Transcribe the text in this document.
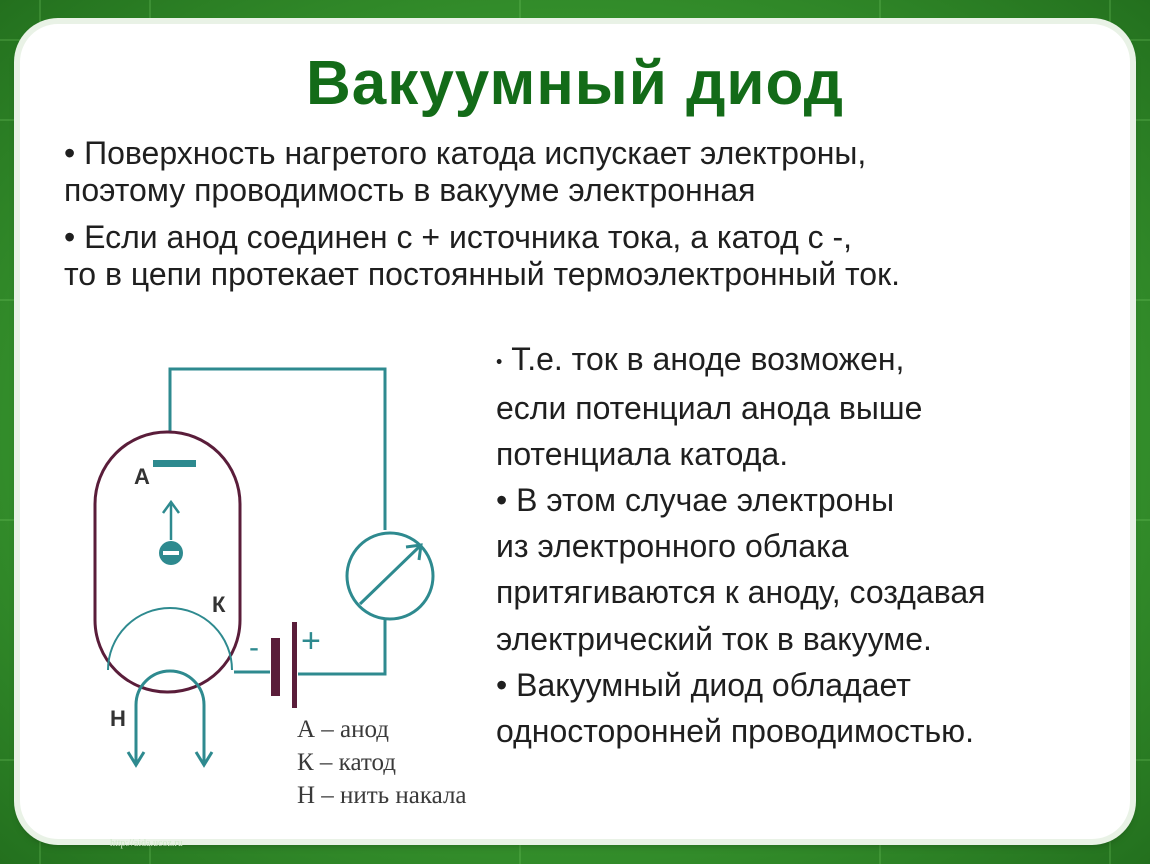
Вакуумный диод

• Поверхность нагретого катода испускает электроны,
поэтому проводимость в вакууме электронная

• Если анод соединен с + источника тока, а катод с -,
то в цепи протекает постоянный термоэлектронный ток.

• Т.е. ток в аноде возможен,
если потенциал анода выше
потенциала катода.
• В этом случае электроны
из электронного облака
притягиваются к аноду, создавая
электрический ток в вакууме.
• Вакуумный диод обладает
односторонней проводимостью.
А
К
Н
- +
А – анод
К – катод
Н – нить накала
http://aida.ucoz.ru
